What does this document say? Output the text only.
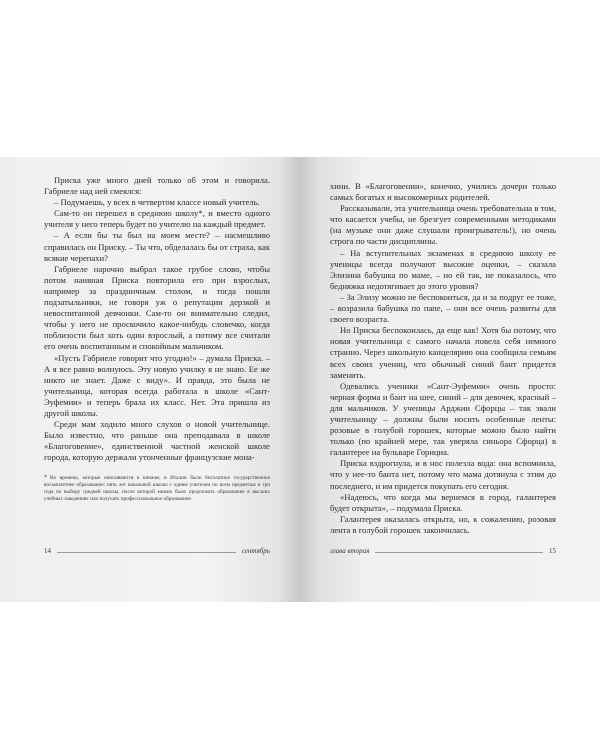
Приска уже много дней только об этом и говорила. Габриеле над ней смеялся:

– Подумаешь, у всех в четвертом классе новый учитель.

Сам-то он перешел в среднюю школу*, и вместо одного учителя у него теперь будет по учителю на каждый предмет.

– А если бы ты был на моем месте? – насмешливо справилась он Приску. – Ты что, обделалась бы от страха, как всякие черепахи?

Габриеле нарочно выбрал такое грубое слово, чтобы потом наивная Приска повторила его при взрослых, например за праздничным столом, и тогда пошли подзатыльники, не говоря уж о репутации дерзкой и невоспитанной девчонки. Сам-то он внимательно следил, чтобы у него не проскочило какое-нибудь словечко, когда поблизости был хоть один взрослый, а потому все считали его очень воспитанным и спокойным мальчиком.

«Пусть Габриеле говорит что угодно!» – думала Приска. – А я все равно волнуюсь. Эту новую училку я не знаю. Ее же никто не знает. Даже с виду». И правда, это была не учительница, которая всегда работала в школе «Сант-Эуфемии» и теперь брала их класс. Нет. Эта пришла из другой школы.

Среди мам ходило много слухов о новой учительнице. Было известно, что раньше она преподавала в школе «Благоговение», единственной частной женской школе города, которую держали утонченные французские мона-

* Во времена, которые описываются в книжке, в Италии было бесплатное государственное восьмилетнее образование: пять лет начальной школы с одним учителем по всем предметам и три года по выбору средней школы, после которой можно было продолжать образование в высших учебных заведениях или получать профессиональное образование.
14	сентябрь

хини. В «Благоговении», конечно, учились дочери только самых богатых и высокомерных родителей.

Рассказывали, эта учительница очень требовательна в том, что касается учебы, не брезгует современными методиками (на музыке они даже слушали проигрыватель!), но очень строга по части дисциплины.

– На вступительных экзаменах в среднюю школу ее ученицы всегда получают высокие оценки, – сказала Элизина бабушка по маме, – но ей так, не показалось, что бедняжка недотягивает до этого уровня?

– За Элизу можно не беспокоиться, да и за подруг ее тоже, – возразила бабушка по папе, – они все очень развиты для своего возраста.

Но Приска беспокоилась, да еще как! Хотя бы потому, что новая учительница с самого начала повела себя немного странно. Через школьную канцелярию она сообщила семьям всех своих учениц, что обычный синий бант придется заменить.

Одевались ученики «Сант-Эуфемии» очень просто: черная форма и бант на шее, синий – для девочек, красный – для мальчиков. У ученицы Арджии Сфорцы – так звали учительницу – должны были носить особенные ленты: розовые в голубой горошек, которые можно было найти только (по крайней мере, так уверяла синьора Сфорца) в галантерее на бульваре Горициа.

Приска вздрогнула, и в нос полезла вода: она вспомнила, что у нее-то банта нет, потому что мама дотянула с этим до последнего, и им придется покупать его сегодня.

«Надеюсь, что когда мы вернемся в город, галантерея будет открыта», – подумала Приска.

Галантерея оказалась открыта, но, к сожалению, розовая лента в голубой горошек закончилась.

глава вторая	15
